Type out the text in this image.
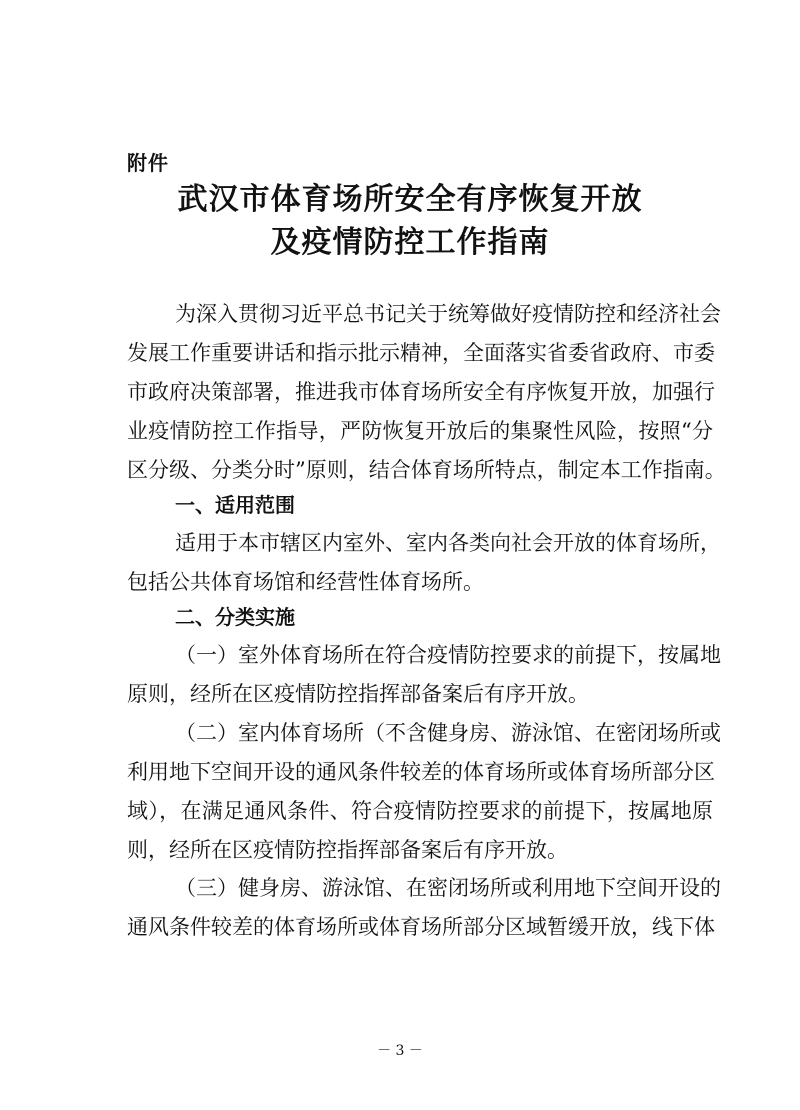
附件
武汉市体育场所安全有序恢复开放
及疫情防控工作指南
为深入贯彻习近平总书记关于统筹做好疫情防控和经济社会
发展工作重要讲话和指示批示精神，全面落实省委省政府、市委
市政府决策部署，推进我市体育场所安全有序恢复开放，加强行
业疫情防控工作指导，严防恢复开放后的集聚性风险，按照“分
区分级、分类分时”原则，结合体育场所特点，制定本工作指南。
一、适用范围
适用于本市辖区内室外、室内各类向社会开放的体育场所，
包括公共体育场馆和经营性体育场所。
二、分类实施
（一）室外体育场所在符合疫情防控要求的前提下，按属地
原则，经所在区疫情防控指挥部备案后有序开放。
（二）室内体育场所（不含健身房、游泳馆、在密闭场所或
利用地下空间开设的通风条件较差的体育场所或体育场所部分区
域），在满足通风条件、符合疫情防控要求的前提下，按属地原
则，经所在区疫情防控指挥部备案后有序开放。
（三）健身房、游泳馆、在密闭场所或利用地下空间开设的
通风条件较差的体育场所或体育场所部分区域暂缓开放，线下体
－ 3 －
